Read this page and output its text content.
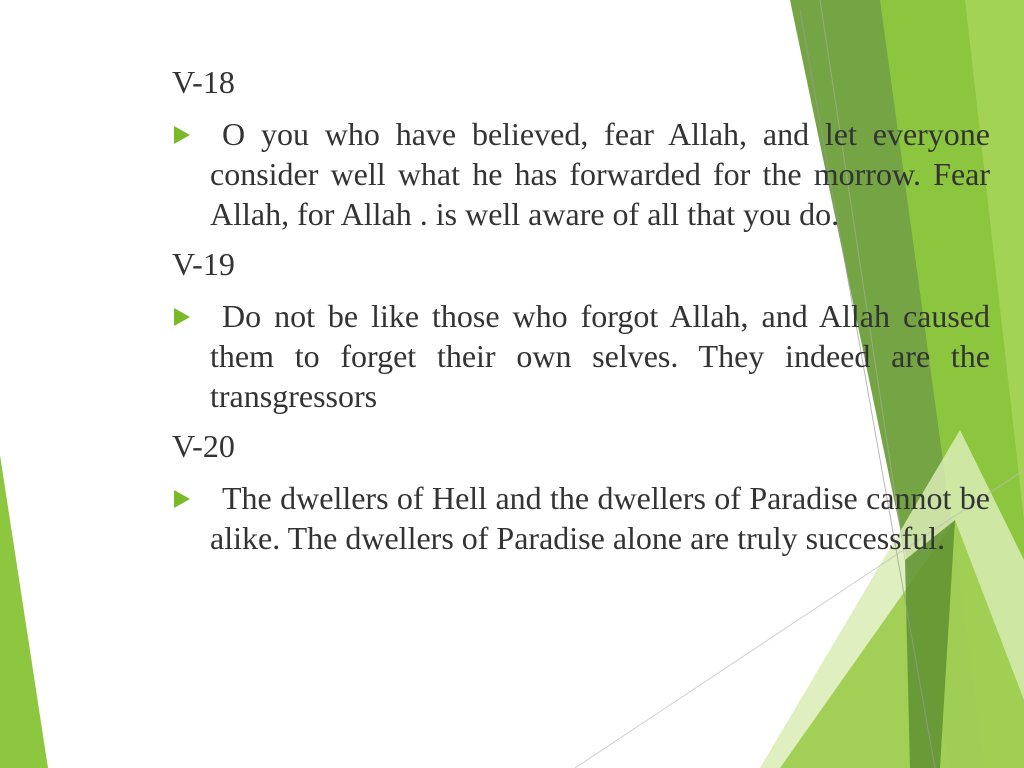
V-18

O you who have believed, fear Allah, and let everyone consider well what he has forwarded for the morrow. Fear Allah, for Allah . is well aware of all that you do.

V-19

Do not be like those who forgot Allah, and Allah caused them to forget their own selves. They indeed are the transgressors

V-20

The dwellers of Hell and the dwellers of Paradise cannot be alike. The dwellers of Paradise alone are truly successful.
